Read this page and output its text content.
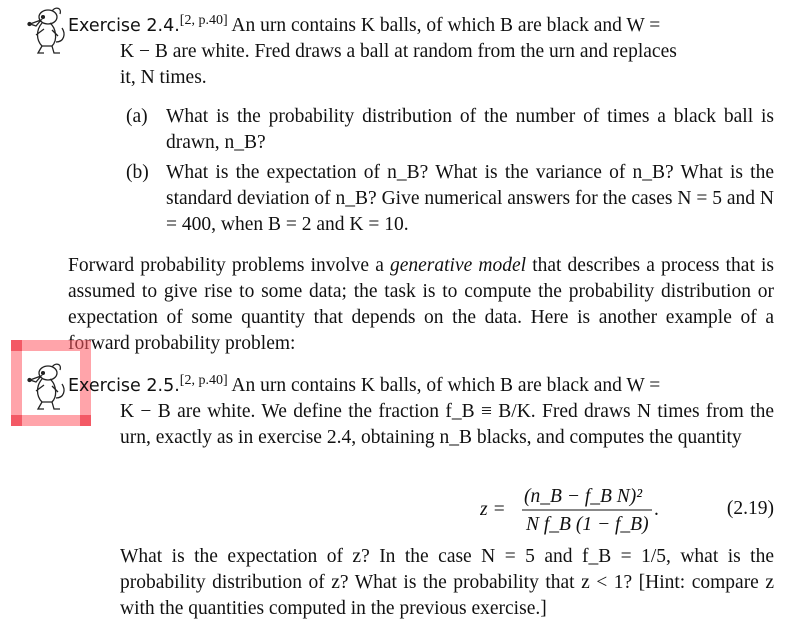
Exercise 2.4.[2, p.40] An urn contains K balls, of which B are black and W =
K − B are white. Fred draws a ball at random from the urn and replaces
it, N times.
(a) What is the probability distribution of the number of times a black ball is drawn, n_B?
(b) What is the expectation of n_B? What is the variance of n_B? What is the standard deviation of n_B? Give numerical answers for the cases N = 5 and N = 400, when B = 2 and K = 10.
Forward probability problems involve a generative model that describes a process that is assumed to give rise to some data; the task is to compute the probability distribution or expectation of some quantity that depends on the data. Here is another example of a forward probability problem:
Exercise 2.5.[2, p.40] An urn contains K balls, of which B are black and W =
K − B are white. We define the fraction f_B ≡ B/K. Fred draws N times from the urn, exactly as in exercise 2.4, obtaining n_B blacks, and computes the quantity
z =
(n_B − f_B N)²
N f_B (1 − f_B)
.	(2.19)
What is the expectation of z? In the case N = 5 and f_B = 1/5, what is the probability distribution of z? What is the probability that z < 1? [Hint: compare z with the quantities computed in the previous exercise.]
